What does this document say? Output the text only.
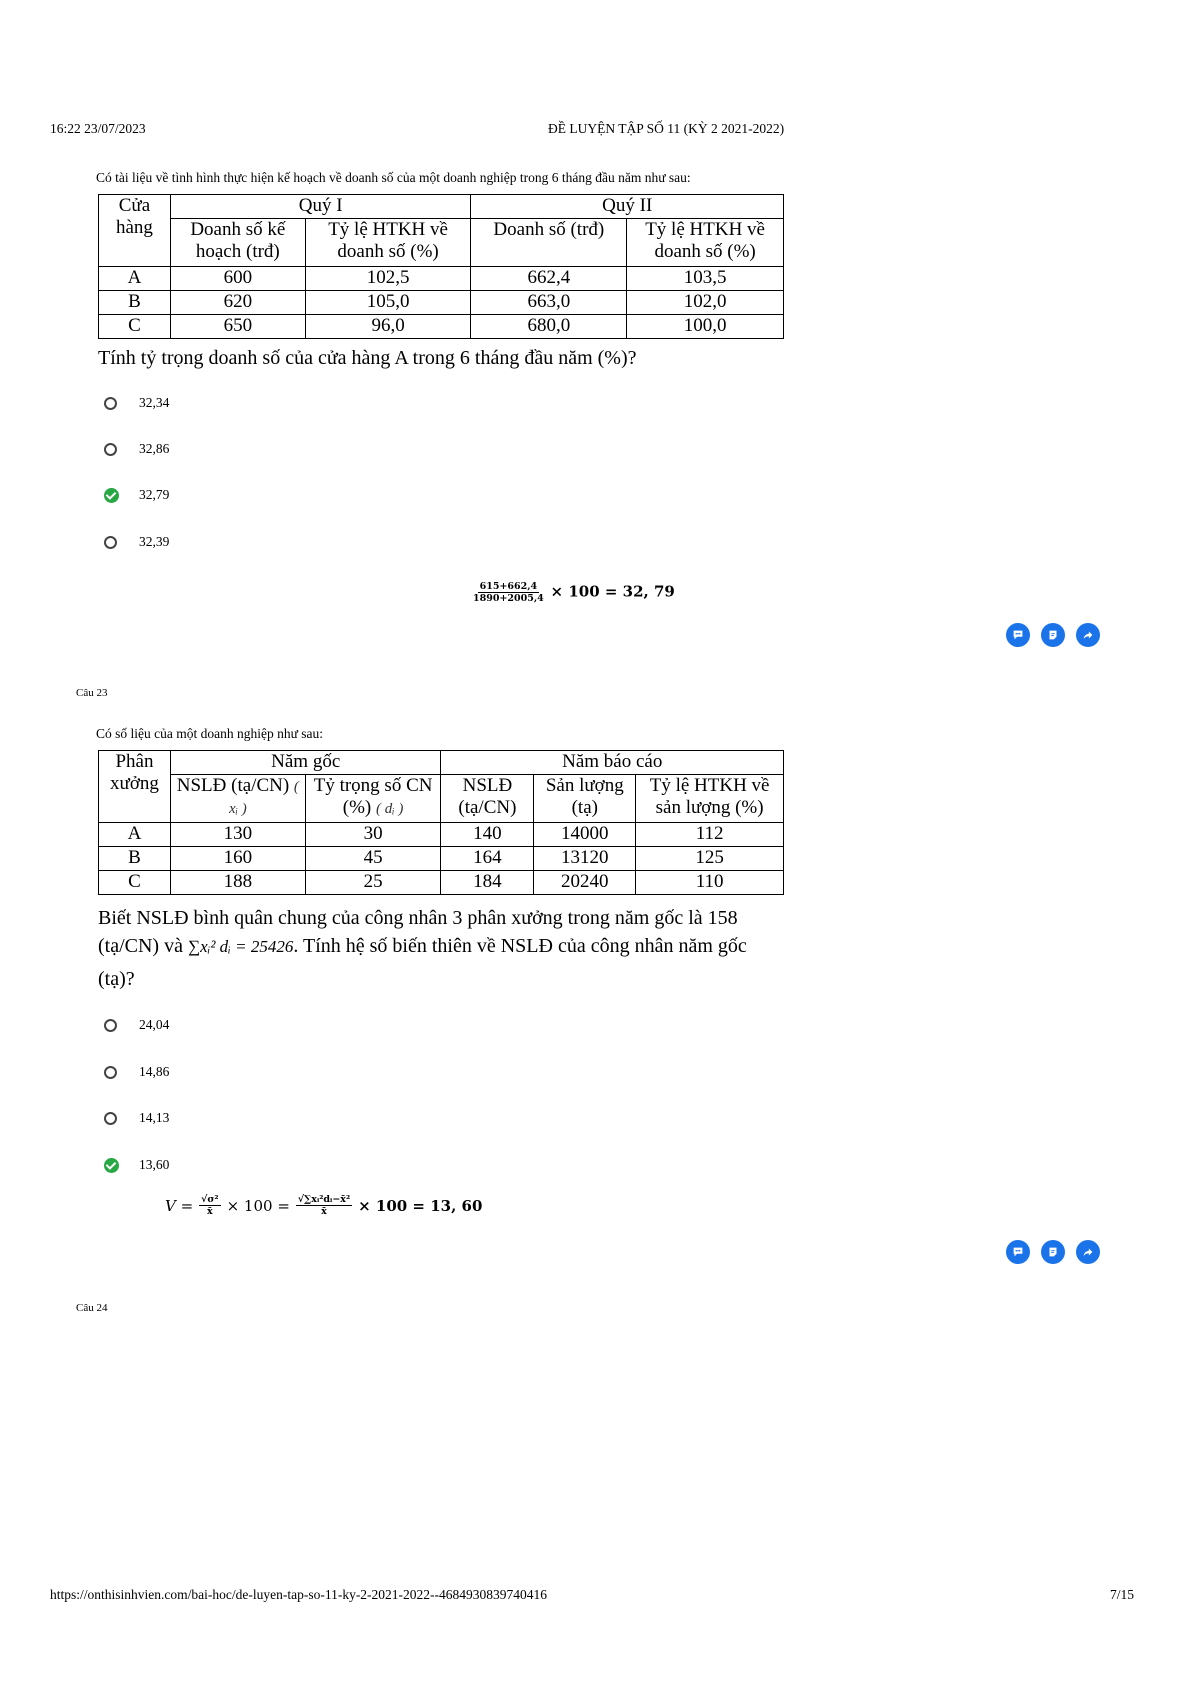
16:22 23/07/2023	ĐỀ LUYỆN TẬP SỐ 11 (KỲ 2 2021-2022)
Có tài liệu về tình hình thực hiện kế hoạch về doanh số của một doanh nghiệp trong 6 tháng đầu năm như sau:
Cửa hàng	Quý I		Quý II	
	Doanh số kế hoạch (trđ)	Tỷ lệ HTKH về doanh số (%)	Doanh số (trđ)	Tỷ lệ HTKH về doanh số (%)
A	600	102,5	662,4	103,5
B	620	105,0	663,0	102,0
C	650	96,0	680,0	100,0
Tính tỷ trọng doanh số của cửa hàng A trong 6 tháng đầu năm (%)?
32,34
32,86
32,79
32,39
$\frac{615+662,4}{1890+2005,4} \times 100 = 32$, 79
Câu 23
Có số liệu của một doanh nghiệp như sau:
Phân xưởng	Năm gốc		Năm báo cáo		
	NSLĐ (tạ/CN) ( xᵢ )	Tỷ trọng số CN (%) ( dᵢ )	NSLĐ (tạ/CN)	Sản lượng (tạ)	Tỷ lệ HTKH về sản lượng (%)
A	130	30	140	14000	112
B	160	45	164	13120	125
C	188	25	184	20240	110
Biết NSLĐ bình quân chung của công nhân 3 phân xưởng trong năm gốc là 158
(tạ/CN) và ∑xᵢ² dᵢ = 25426. Tính hệ số biến thiên về NSLĐ của công nhân năm gốc
(tạ)?
24,04
14,86
14,13
13,60
$V = \frac{\text{√σ²}}{x̄} \times 100 = \frac{\text{√∑xᵢ²dᵢ−x̄²}}{x̄} \times 100 = 13$, 60
Câu 24
https://onthisinhvien.com/bai-hoc/de-luyen-tap-so-11-ky-2-2021-2022--4684930839740416	7/15
